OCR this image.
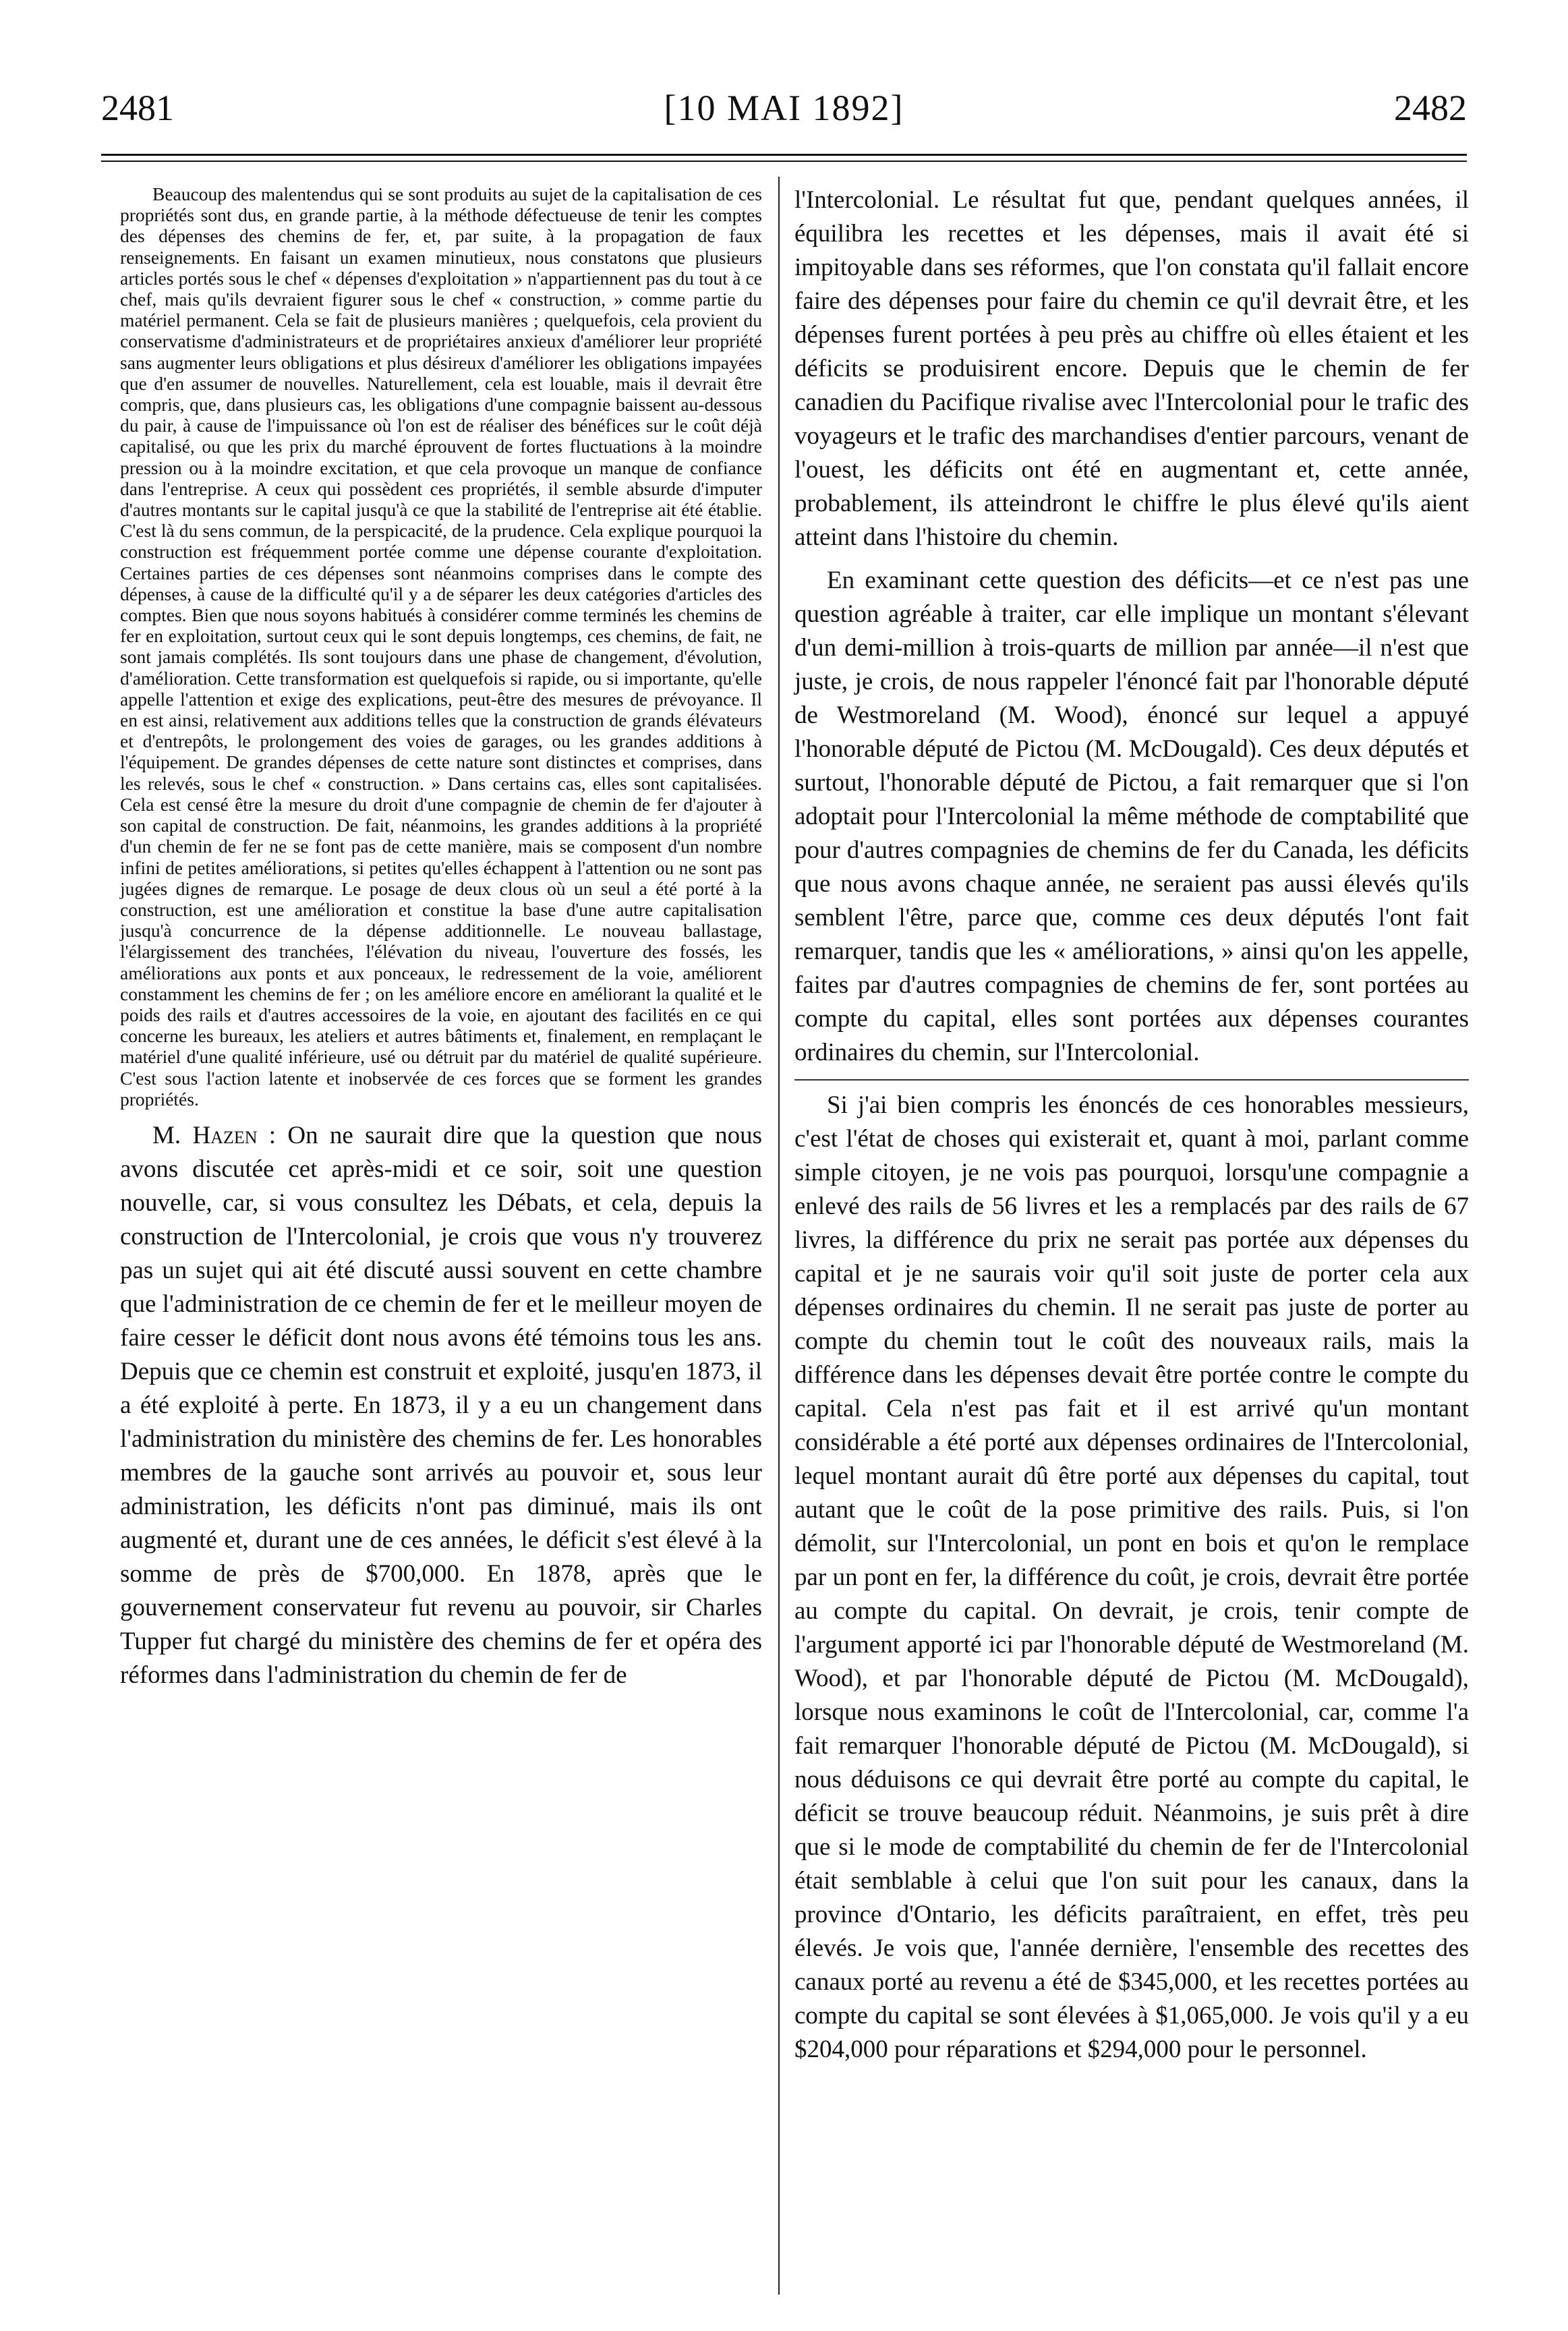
2481	[10 MAI 1892]	2482

Beaucoup des malentendus qui se sont produits au sujet de la capitalisation de ces propriétés sont dus, en grande partie, à la méthode défectueuse de tenir les comptes des dépenses des chemins de fer, et, par suite, à la propagation de faux renseignements. En faisant un examen minutieux, nous constatons que plusieurs articles portés sous le chef « dépenses d'exploitation » n'appartiennent pas du tout à ce chef, mais qu'ils devraient figurer sous le chef « construction, » comme partie du matériel permanent. Cela se fait de plusieurs manières ; quelquefois, cela provient du conservatisme d'administrateurs et de propriétaires anxieux d'améliorer leur propriété sans augmenter leurs obligations et plus désireux d'améliorer les obligations impayées que d'en assumer de nouvelles. Naturellement, cela est louable, mais il devrait être compris, que, dans plusieurs cas, les obligations d'une compagnie baissent au-dessous du pair, à cause de l'impuissance où l'on est de réaliser des bénéfices sur le coût déjà capitalisé, ou que les prix du marché éprouvent de fortes fluctuations à la moindre pression ou à la moindre excitation, et que cela provoque un manque de confiance dans l'entreprise. A ceux qui possèdent ces propriétés, il semble absurde d'imputer d'autres montants sur le capital jusqu'à ce que la stabilité de l'entreprise ait été établie. C'est là du sens commun, de la perspicacité, de la prudence. Cela explique pourquoi la construction est fréquemment portée comme une dépense courante d'exploitation. Certaines parties de ces dépenses sont néanmoins comprises dans le compte des dépenses, à cause de la difficulté qu'il y a de séparer les deux catégories d'articles des comptes. Bien que nous soyons habitués à considérer comme terminés les chemins de fer en exploitation, surtout ceux qui le sont depuis longtemps, ces chemins, de fait, ne sont jamais complétés. Ils sont toujours dans une phase de changement, d'évolution, d'amélioration. Cette transformation est quelquefois si rapide, ou si importante, qu'elle appelle l'attention et exige des explications, peut-être des mesures de prévoyance. Il en est ainsi, relativement aux additions telles que la construction de grands élévateurs et d'entrepôts, le prolongement des voies de garages, ou les grandes additions à l'équipement. De grandes dépenses de cette nature sont distinctes et comprises, dans les relevés, sous le chef « construction. » Dans certains cas, elles sont capitalisées. Cela est censé être la mesure du droit d'une compagnie de chemin de fer d'ajouter à son capital de construction. De fait, néanmoins, les grandes additions à la propriété d'un chemin de fer ne se font pas de cette manière, mais se composent d'un nombre infini de petites améliorations, si petites qu'elles échappent à l'attention ou ne sont pas jugées dignes de remarque. Le posage de deux clous où un seul a été porté à la construction, est une amélioration et constitue la base d'une autre capitalisation jusqu'à concurrence de la dépense additionnelle. Le nouveau ballastage, l'élargissement des tranchées, l'élévation du niveau, l'ouverture des fossés, les améliorations aux ponts et aux ponceaux, le redressement de la voie, améliorent constamment les chemins de fer ; on les améliore encore en améliorant la qualité et le poids des rails et d'autres accessoires de la voie, en ajoutant des facilités en ce qui concerne les bureaux, les ateliers et autres bâtiments et, finalement, en remplaçant le matériel d'une qualité inférieure, usé ou détruit par du matériel de qualité supérieure. C'est sous l'action latente et inobservée de ces forces que se forment les grandes propriétés.

M. Hazen : On ne saurait dire que la question que nous avons discutée cet après-midi et ce soir, soit une question nouvelle, car, si vous consultez les Débats, et cela, depuis la construction de l'Intercolonial, je crois que vous n'y trouverez pas un sujet qui ait été discuté aussi souvent en cette chambre que l'administration de ce chemin de fer et le meilleur moyen de faire cesser le déficit dont nous avons été témoins tous les ans. Depuis que ce chemin est construit et exploité, jusqu'en 1873, il a été exploité à perte. En 1873, il y a eu un changement dans l'administration du ministère des chemins de fer. Les honorables membres de la gauche sont arrivés au pouvoir et, sous leur administration, les déficits n'ont pas diminué, mais ils ont augmenté et, durant une de ces années, le déficit s'est élevé à la somme de près de $700,000. En 1878, après que le gouvernement conservateur fut revenu au pouvoir, sir Charles Tupper fut chargé du ministère des chemins de fer et opéra des réformes dans l'administration du chemin de fer de

l'Intercolonial. Le résultat fut que, pendant quelques années, il équilibra les recettes et les dépenses, mais il avait été si impitoyable dans ses réformes, que l'on constata qu'il fallait encore faire des dépenses pour faire du chemin ce qu'il devrait être, et les dépenses furent portées à peu près au chiffre où elles étaient et les déficits se produisirent encore. Depuis que le chemin de fer canadien du Pacifique rivalise avec l'Intercolonial pour le trafic des voyageurs et le trafic des marchandises d'entier parcours, venant de l'ouest, les déficits ont été en augmentant et, cette année, probablement, ils atteindront le chiffre le plus élevé qu'ils aient atteint dans l'histoire du chemin.

En examinant cette question des déficits—et ce n'est pas une question agréable à traiter, car elle implique un montant s'élevant d'un demi-million à trois-quarts de million par année—il n'est que juste, je crois, de nous rappeler l'énoncé fait par l'honorable député de Westmoreland (M. Wood), énoncé sur lequel a appuyé l'honorable député de Pictou (M. McDougald). Ces deux députés et surtout, l'honorable député de Pictou, a fait remarquer que si l'on adoptait pour l'Intercolonial la même méthode de comptabilité que pour d'autres compagnies de chemins de fer du Canada, les déficits que nous avons chaque année, ne seraient pas aussi élevés qu'ils semblent l'être, parce que, comme ces deux députés l'ont fait remarquer, tandis que les « améliorations, » ainsi qu'on les appelle, faites par d'autres compagnies de chemins de fer, sont portées au compte du capital, elles sont portées aux dépenses courantes ordinaires du chemin, sur l'Intercolonial.

Si j'ai bien compris les énoncés de ces honorables messieurs, c'est l'état de choses qui existerait et, quant à moi, parlant comme simple citoyen, je ne vois pas pourquoi, lorsqu'une compagnie a enlevé des rails de 56 livres et les a remplacés par des rails de 67 livres, la différence du prix ne serait pas portée aux dépenses du capital et je ne saurais voir qu'il soit juste de porter cela aux dépenses ordinaires du chemin. Il ne serait pas juste de porter au compte du chemin tout le coût des nouveaux rails, mais la différence dans les dépenses devait être portée contre le compte du capital. Cela n'est pas fait et il est arrivé qu'un montant considérable a été porté aux dépenses ordinaires de l'Intercolonial, lequel montant aurait dû être porté aux dépenses du capital, tout autant que le coût de la pose primitive des rails. Puis, si l'on démolit, sur l'Intercolonial, un pont en bois et qu'on le remplace par un pont en fer, la différence du coût, je crois, devrait être portée au compte du capital. On devrait, je crois, tenir compte de l'argument apporté ici par l'honorable député de Westmoreland (M. Wood), et par l'honorable député de Pictou (M. McDougald), lorsque nous examinons le coût de l'Intercolonial, car, comme l'a fait remarquer l'honorable député de Pictou (M. McDougald), si nous déduisons ce qui devrait être porté au compte du capital, le déficit se trouve beaucoup réduit. Néanmoins, je suis prêt à dire que si le mode de comptabilité du chemin de fer de l'Intercolonial était semblable à celui que l'on suit pour les canaux, dans la province d'Ontario, les déficits paraîtraient, en effet, très peu élevés. Je vois que, l'année dernière, l'ensemble des recettes des canaux porté au revenu a été de $345,000, et les recettes portées au compte du capital se sont élevées à $1,065,000. Je vois qu'il y a eu $204,000 pour réparations et $294,000 pour le personnel.
